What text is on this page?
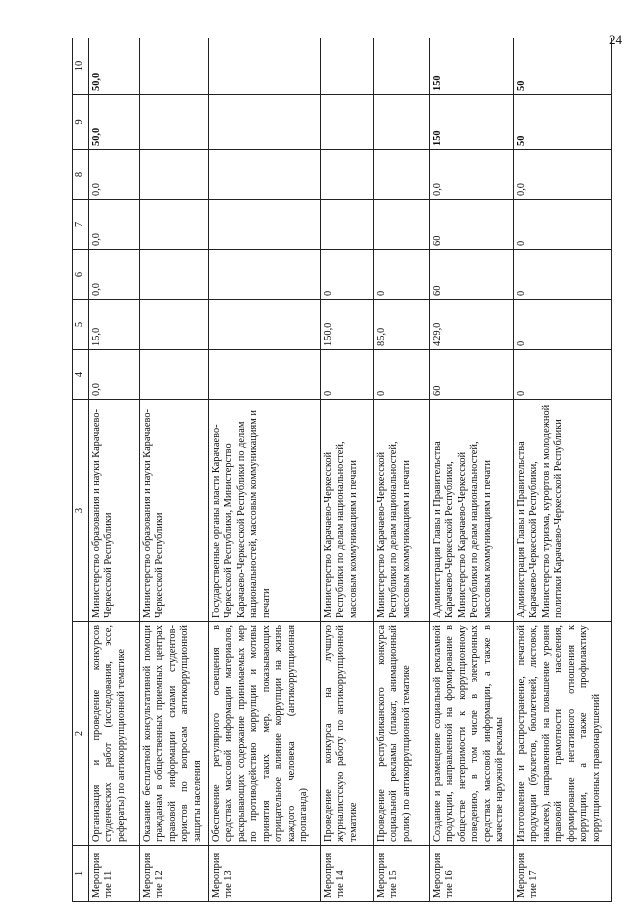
24
1	2	3	4	5	6	7	8	9	10
Мероприятие 11	Организация и проведение конкурсов студенческих работ (исследования, эссе, рефераты) по антикоррупционной тематике	Министерство образования и науки Карачаево-Черкесской Республики	0,0	15,0	0,0	0,0	0,0	50,0	50,0
Мероприятие 12	Оказание бесплатной консультативной помощи гражданам в общественных приемных центрах правовой информации силами студентов-юристов по вопросам антикоррупционной защиты населения	Министерство образования и науки Карачаево-Черкесской Республики							
Мероприятие 13	Обеспечение регулярного освещения в средствах массовой информации материалов, раскрывающих содержание принимаемых мер по противодействию коррупции и мотивы принятия таких мер, показывающих отрицательное влияние коррупции на жизнь каждого человека (антикоррупционная пропаганда)	Государственные органы власти Карачаево-Черкесской Республики, Министерство Карачаево-Черкесской Республики по делам национальностей, массовым коммуникациям и печати							
Мероприятие 14	Проведение конкурса на лучшую журналистскую работу по антикоррупционной тематике	Министерство Карачаево-Черкесской Республики по делам национальностей, массовым коммуникациям и печати	0	150,0	0				
Мероприятие 15	Проведение республиканского конкурса социальной рекламы (плакат, анимационный ролик) по антикоррупционной тематике	Министерство Карачаево-Черкесской Республики по делам национальностей, массовым коммуникациям и печати	0	85,0	0				
Мероприятие 16	Создание и размещение социальной рекламной продукции, направленной на формирование в обществе нетерпимости к коррупционному поведению, в том числе в электронных средствах массовой информации, а также в качестве наружной рекламы	Администрация Главы и Правительства Карачаево-Черкесской Республики, Министерство Карачаево-Черкесской Республики по делам национальностей, массовым коммуникациям и печати	60	429,0	60	60	0,0	150	150
Мероприятие 17	Изготовление и распространение, печатной продукции (буклетов, бюллетеней, листовок, наклеек), направленной на повышение уровня правовой грамотности населения, формирование негативного отношения к коррупции, а также профилактику коррупционных правонарушений	Администрация Главы и Правительства Карачаево-Черкесской Республики, Министерство туризма, курортов и молодежной политики Карачаево-Черкесской Республики	0	0	0	0	0,0	50	50
